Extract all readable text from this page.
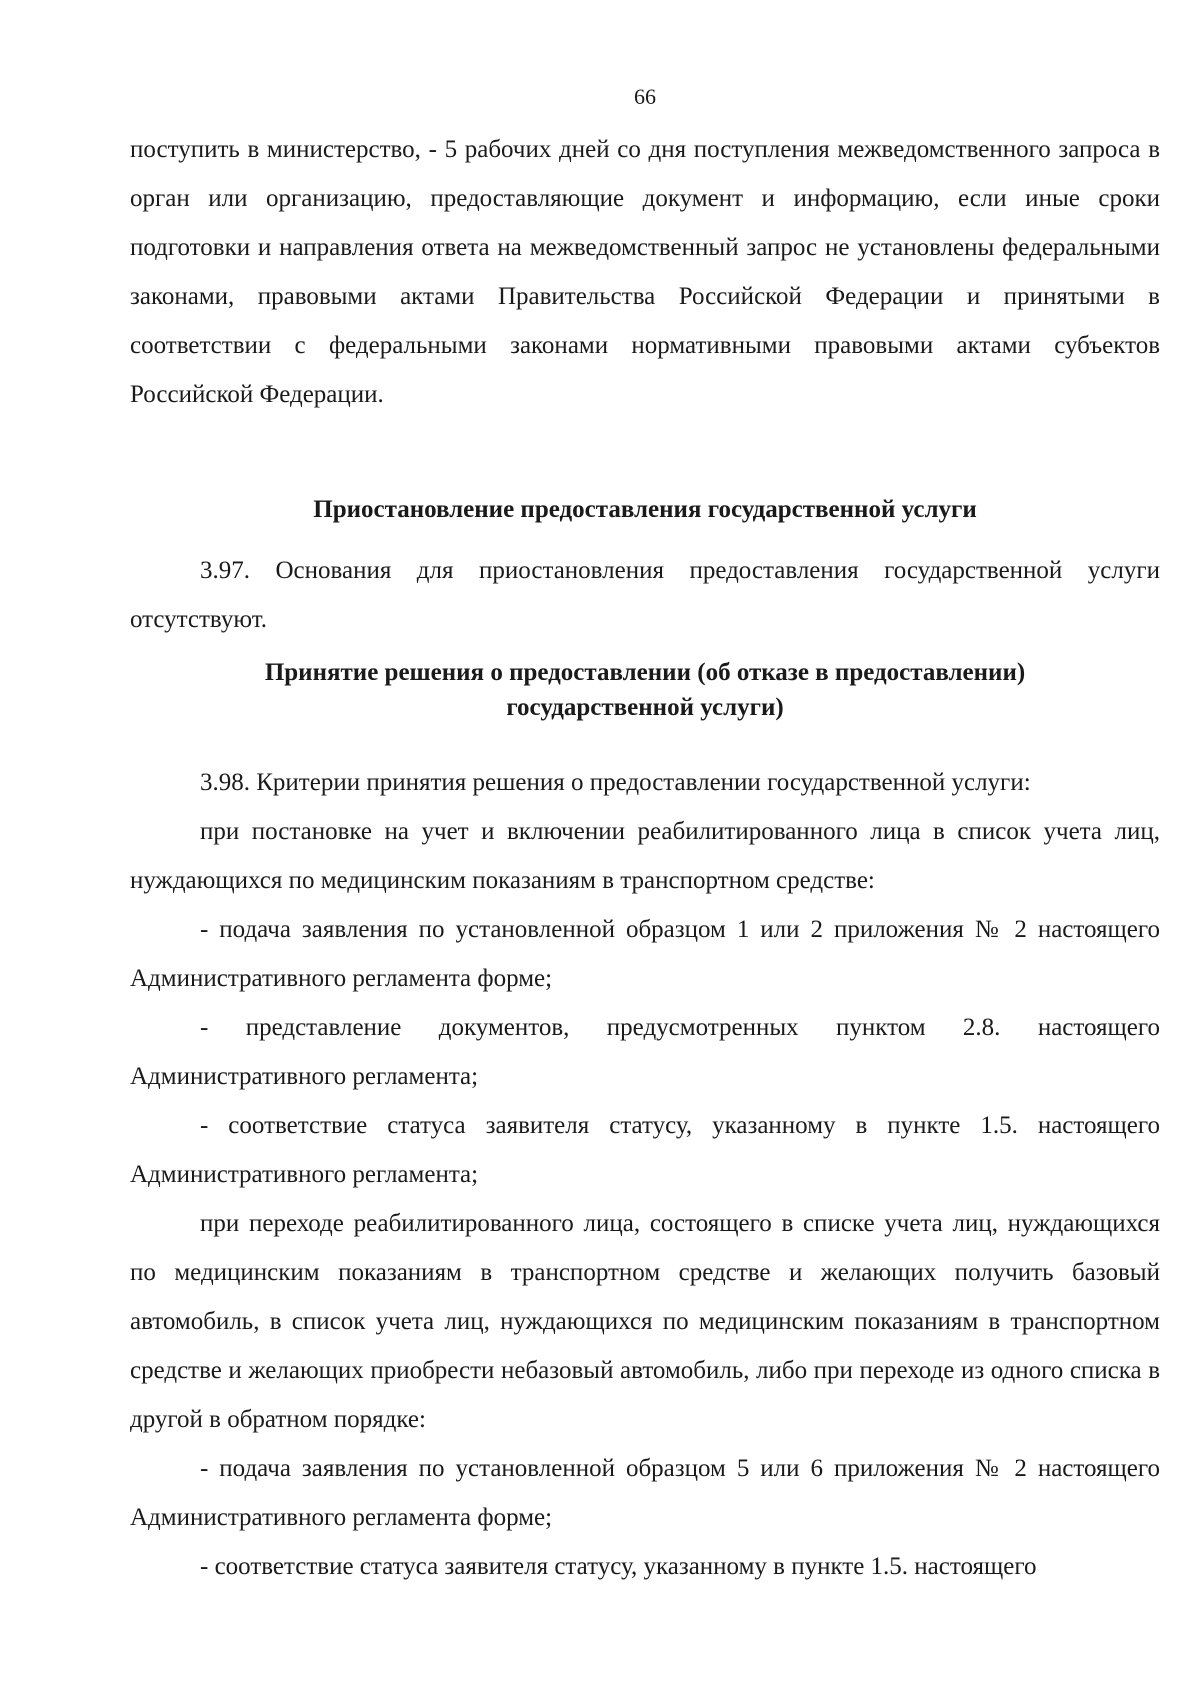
66

поступить в министерство, - 5 рабочих дней со дня поступления межведомственного запроса в орган или организацию, предоставляющие документ и информацию, если иные сроки подготовки и направления ответа на межведомственный запрос не установлены федеральными законами, правовыми актами Правительства Российской Федерации и принятыми в соответствии с федеральными законами нормативными правовыми актами субъектов Российской Федерации.

Приостановление предоставления государственной услуги

3.97. Основания для приостановления предоставления государственной услуги отсутствуют.

Принятие решения о предоставлении (об отказе в предоставлении)
государственной услуги)

3.98. Критерии принятия решения о предоставлении государственной услуги:

при постановке на учет и включении реабилитированного лица в список учета лиц, нуждающихся по медицинским показаниям в транспортном средстве:

- подача заявления по установленной образцом 1 или 2 приложения № 2 настоящего Административного регламента форме;

- представление документов, предусмотренных пунктом 2.8. настоящего Административного регламента;

- соответствие статуса заявителя статусу, указанному в пункте 1.5. настоящего Административного регламента;

при переходе реабилитированного лица, состоящего в списке учета лиц, нуждающихся по медицинским показаниям в транспортном средстве и желающих получить базовый автомобиль, в список учета лиц, нуждающихся по медицинским показаниям в транспортном средстве и желающих приобрести небазовый автомобиль, либо при переходе из одного списка в другой в обратном порядке:

- подача заявления по установленной образцом 5 или 6 приложения № 2 настоящего Административного регламента форме;

- соответствие статуса заявителя статусу, указанному в пункте 1.5. настоящего
